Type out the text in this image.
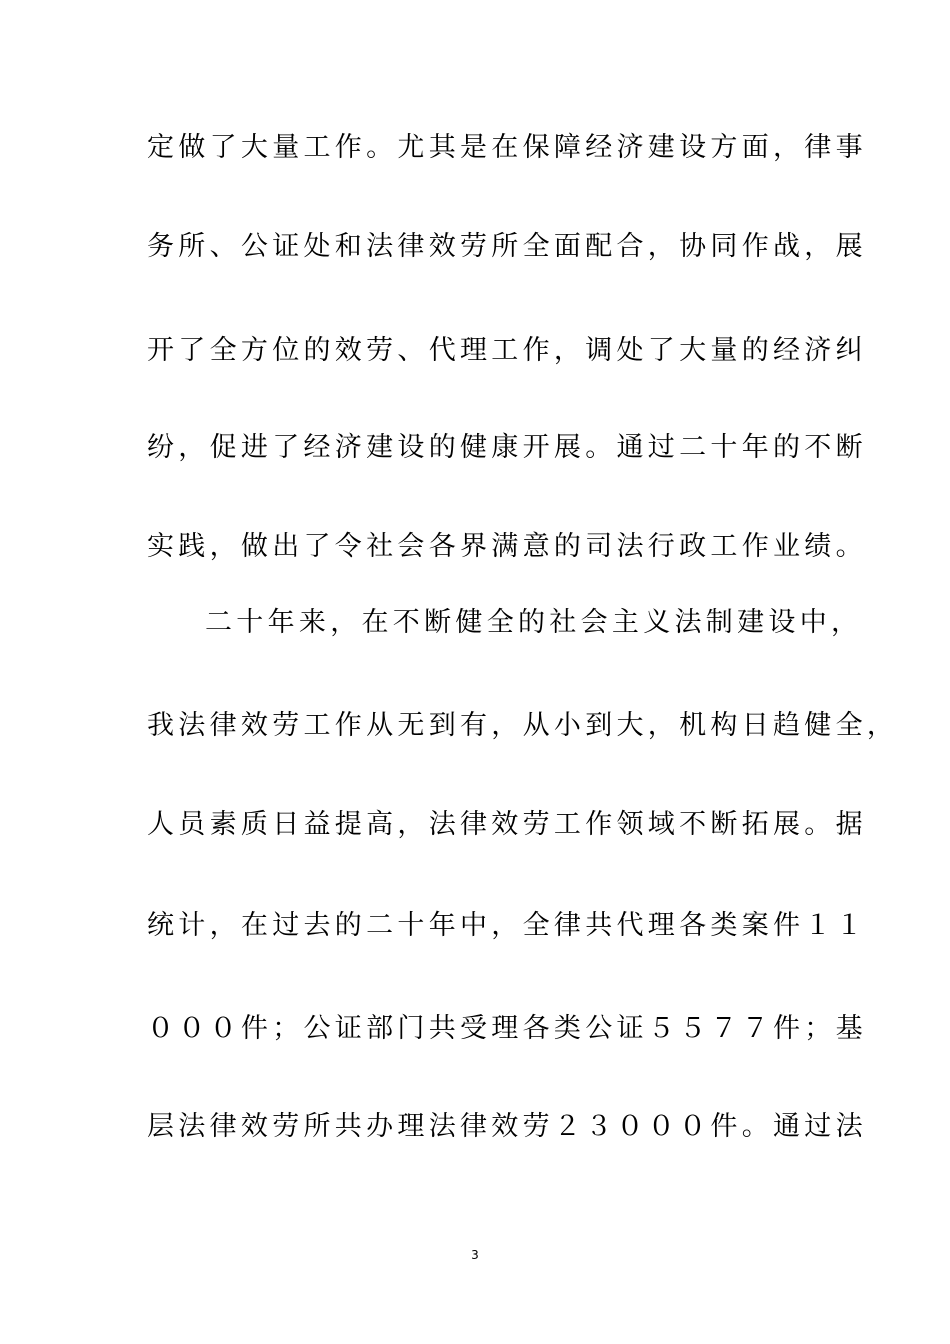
定做了大量工作。尤其是在保障经济建设方面，律事
务所、公证处和法律效劳所全面配合，协同作战，展
开了全方位的效劳、代理工作，调处了大量的经济纠
纷，促进了经济建设的健康开展。通过二十年的不断
实践，做出了令社会各界满意的司法行政工作业绩。
二十年来，在不断健全的社会主义法制建设中，
我法律效劳工作从无到有，从小到大，机构日趋健全，
人员素质日益提高，法律效劳工作领域不断拓展。据
统计，在过去的二十年中，全律共代理各类案件１１
０００件；公证部门共受理各类公证５５７７件；基
层法律效劳所共办理法律效劳２３０００件。通过法
3
